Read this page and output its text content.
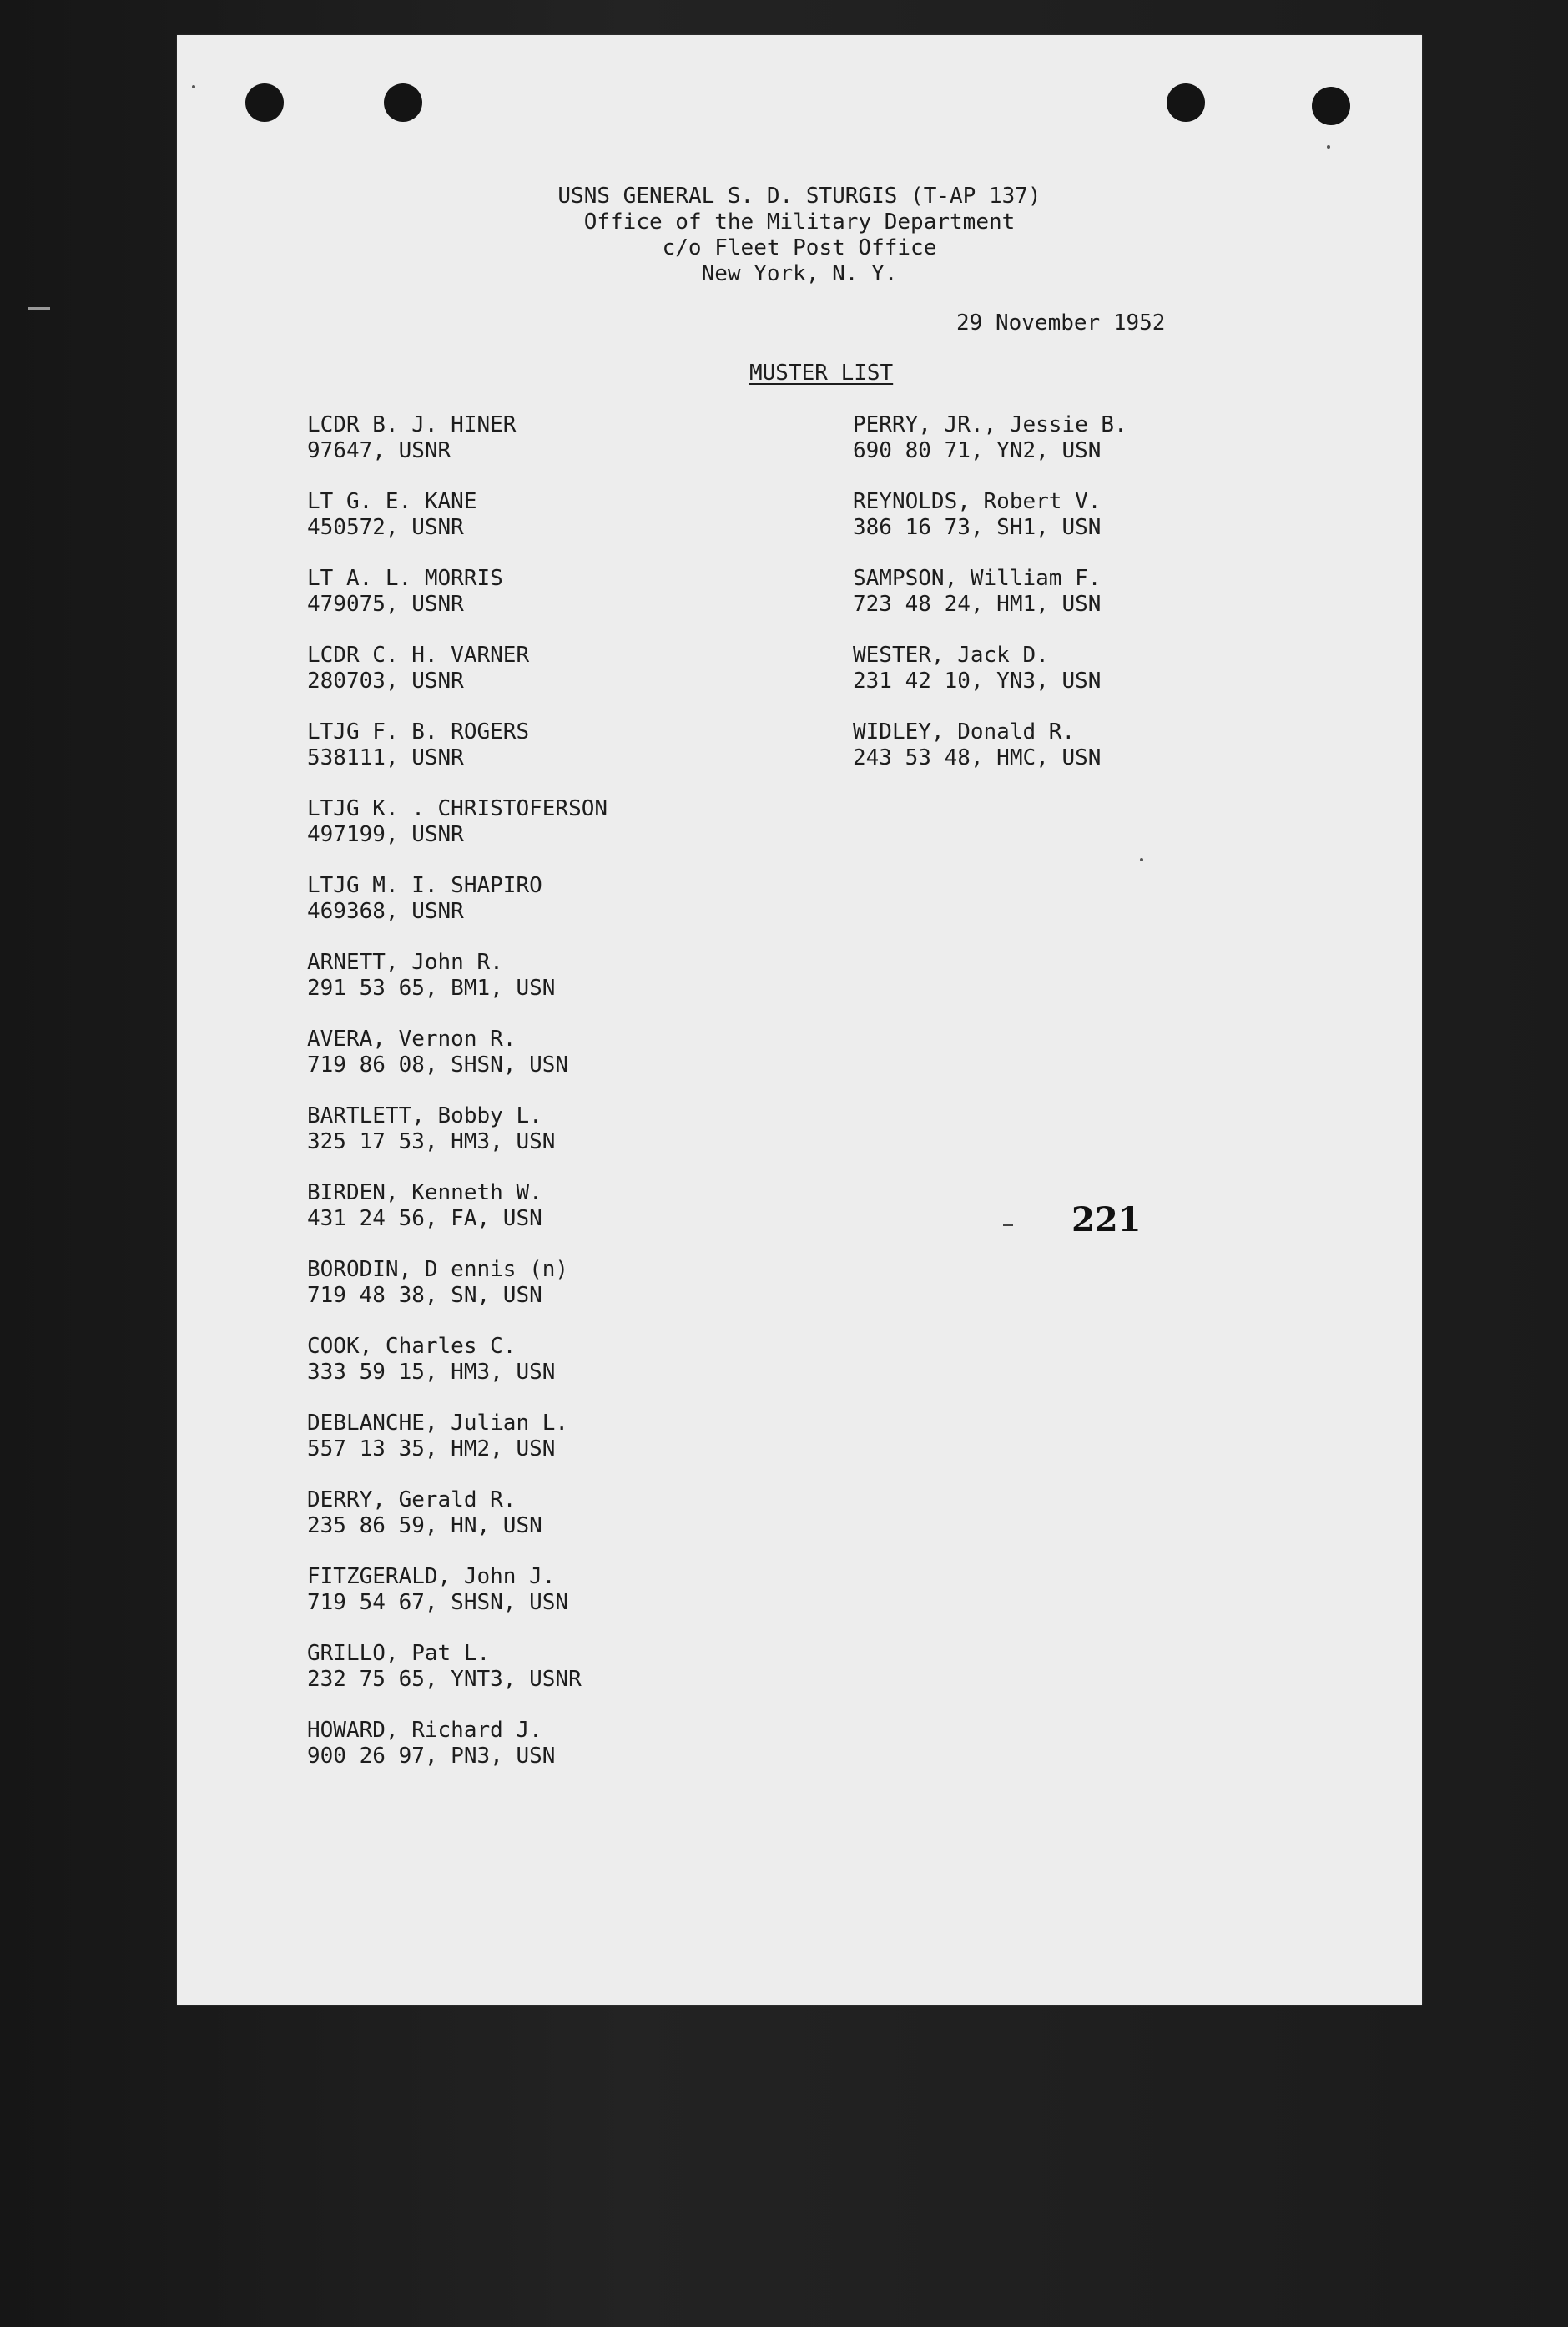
USNS GENERAL S. D. STURGIS (T-AP 137)
Office of the Military Department
c/o Fleet Post Office
New York, N. Y.
29 November 1952
MUSTER LIST
LCDR B. J. HINER
97647, USNR
LT G. E. KANE
450572, USNR
LT A. L. MORRIS
479075, USNR
LCDR C. H. VARNER
280703, USNR
LTJG F. B. ROGERS
538111, USNR
LTJG K. . CHRISTOFERSON
497199, USNR
LTJG M. I. SHAPIRO
469368, USNR
ARNETT, John R.
291 53 65, BM1, USN
AVERA, Vernon R.
719 86 08, SHSN, USN
BARTLETT, Bobby L.
325 17 53, HM3, USN
BIRDEN, Kenneth W.
431 24 56, FA, USN
BORODIN, D ennis (n)
719 48 38, SN, USN
COOK, Charles C.
333 59 15, HM3, USN
DEBLANCHE, Julian L.
557 13 35, HM2, USN
DERRY, Gerald R.
235 86 59, HN, USN
FITZGERALD, John J.
719 54 67, SHSN, USN
GRILLO, Pat L.
232 75 65, YNT3, USNR
HOWARD, Richard J.
900 26 97, PN3, USN
PERRY, JR., Jessie B.
690 80 71, YN2, USN
REYNOLDS, Robert V.
386 16 73, SH1, USN
SAMPSON, William F.
723 48 24, HM1, USN
WESTER, Jack D.
231 42 10, YN3, USN
WIDLEY, Donald R.
243 53 48, HMC, USN
221
